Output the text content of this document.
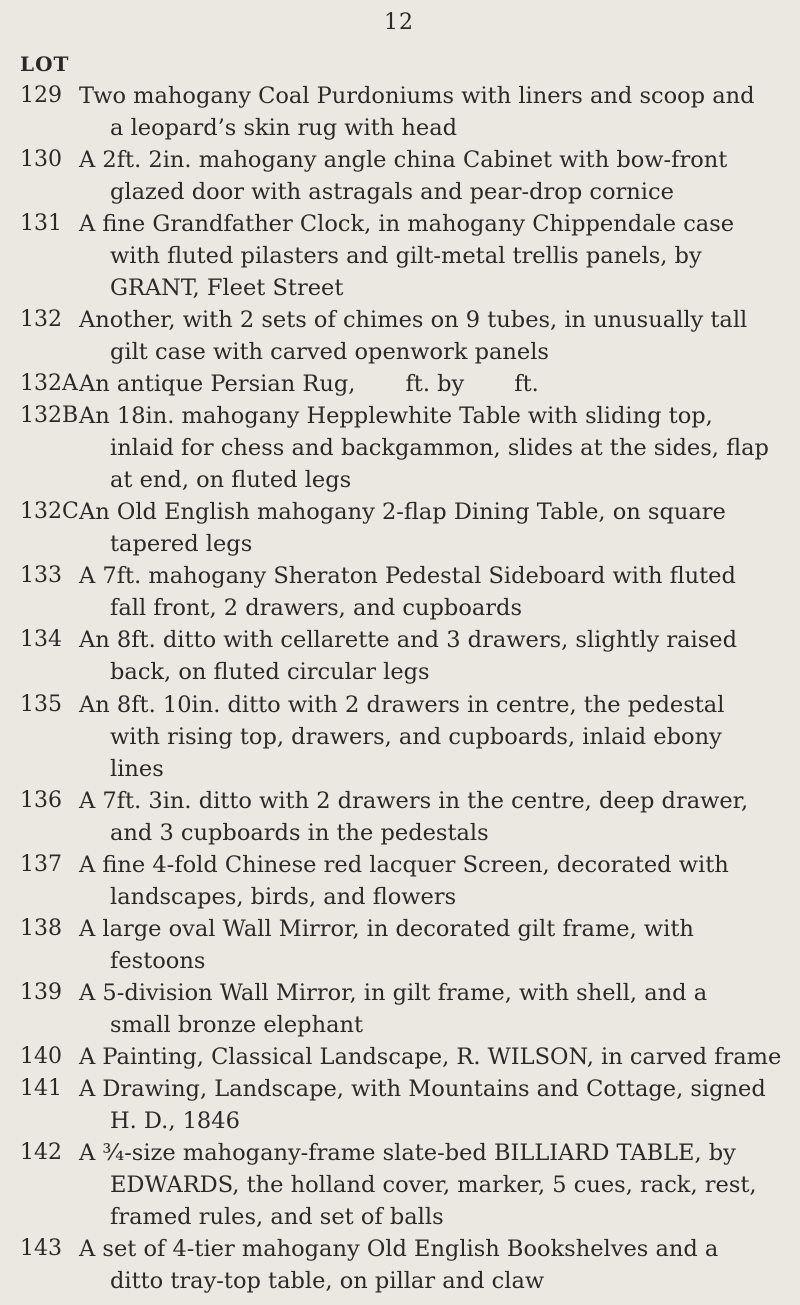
12
LOT
129 Two mahogany Coal Purdoniums with liners and scoop and
a leopard’s skin rug with head
130 A 2ft. 2in. mahogany angle china Cabinet with bow-front
glazed door with astragals and pear-drop cornice
131 A fine Grandfather Clock, in mahogany Chippendale case
with fluted pilasters and gilt-metal trellis panels, by
GRANT, Fleet Street
132 Another, with 2 sets of chimes on 9 tubes, in unusually tall
gilt case with carved openwork panels
132A An antique Persian Rug,       ft. by       ft.
132B An 18in. mahogany Hepplewhite Table with sliding top,
inlaid for chess and backgammon, slides at the sides, flap
at end, on fluted legs
132C An Old English mahogany 2-flap Dining Table, on square
tapered legs
133 A 7ft. mahogany Sheraton Pedestal Sideboard with fluted
fall front, 2 drawers, and cupboards
134 An 8ft. ditto with cellarette and 3 drawers, slightly raised
back, on fluted circular legs
135 An 8ft. 10in. ditto with 2 drawers in centre, the pedestal
with rising top, drawers, and cupboards, inlaid ebony
lines
136 A 7ft. 3in. ditto with 2 drawers in the centre, deep drawer,
and 3 cupboards in the pedestals
137 A fine 4-fold Chinese red lacquer Screen, decorated with
landscapes, birds, and flowers
138 A large oval Wall Mirror, in decorated gilt frame, with
festoons
139 A 5-division Wall Mirror, in gilt frame, with shell, and a
small bronze elephant
140 A Painting, Classical Landscape, R. WILSON, in carved frame
141 A Drawing, Landscape, with Mountains and Cottage, signed
H. D., 1846
142 A ¾-size mahogany-frame slate-bed BILLIARD TABLE, by
EDWARDS, the holland cover, marker, 5 cues, rack, rest,
framed rules, and set of balls
143 A set of 4-tier mahogany Old English Bookshelves and a
ditto tray-top table, on pillar and claw
